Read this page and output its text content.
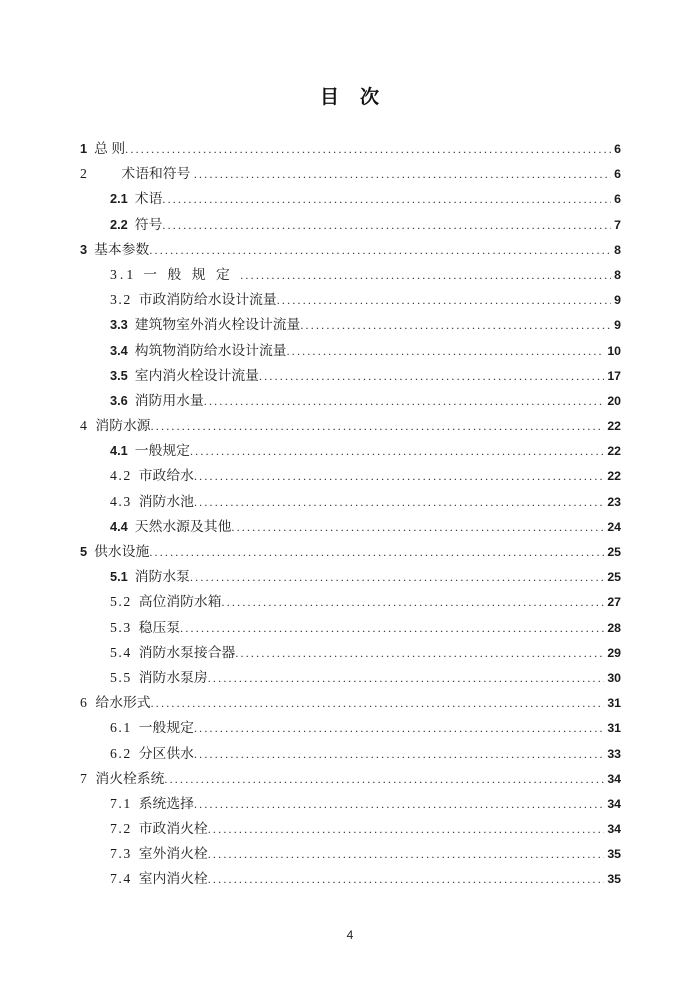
目　次
1 总 则 .....	6
2 术语和符号 .....	6
2.1 术语 .....	6
2.2 符号 .....	7
3 基本参数 .....	8
3.1 一 般 规 定 .....	8
3.2 市政消防给水设计流量 .....	9
3.3 建筑物室外消火栓设计流量 .....	9
3.4 构筑物消防给水设计流量 .....	10
3.5 室内消火栓设计流量 .....	17
3.6 消防用水量 .....	20
4 消防水源 .....	22
4.1 一般规定 .....	22
4.2 市政给水 .....	22
4.3 消防水池 .....	23
4.4 天然水源及其他 .....	24
5 供水设施 .....	25
5.1 消防水泵 .....	25
5.2 高位消防水箱 .....	27
5.3 稳压泵 .....	28
5.4 消防水泵接合器 .....	29
5.5 消防水泵房 .....	30
6 给水形式 .....	31
6.1 一般规定 .....	31
6.2 分区供水 .....	33
7 消火栓系统 .....	34
7.1 系统选择 .....	34
7.2 市政消火栓 .....	34
7.3 室外消火栓 .....	35
7.4 室内消火栓 .....	35
4
